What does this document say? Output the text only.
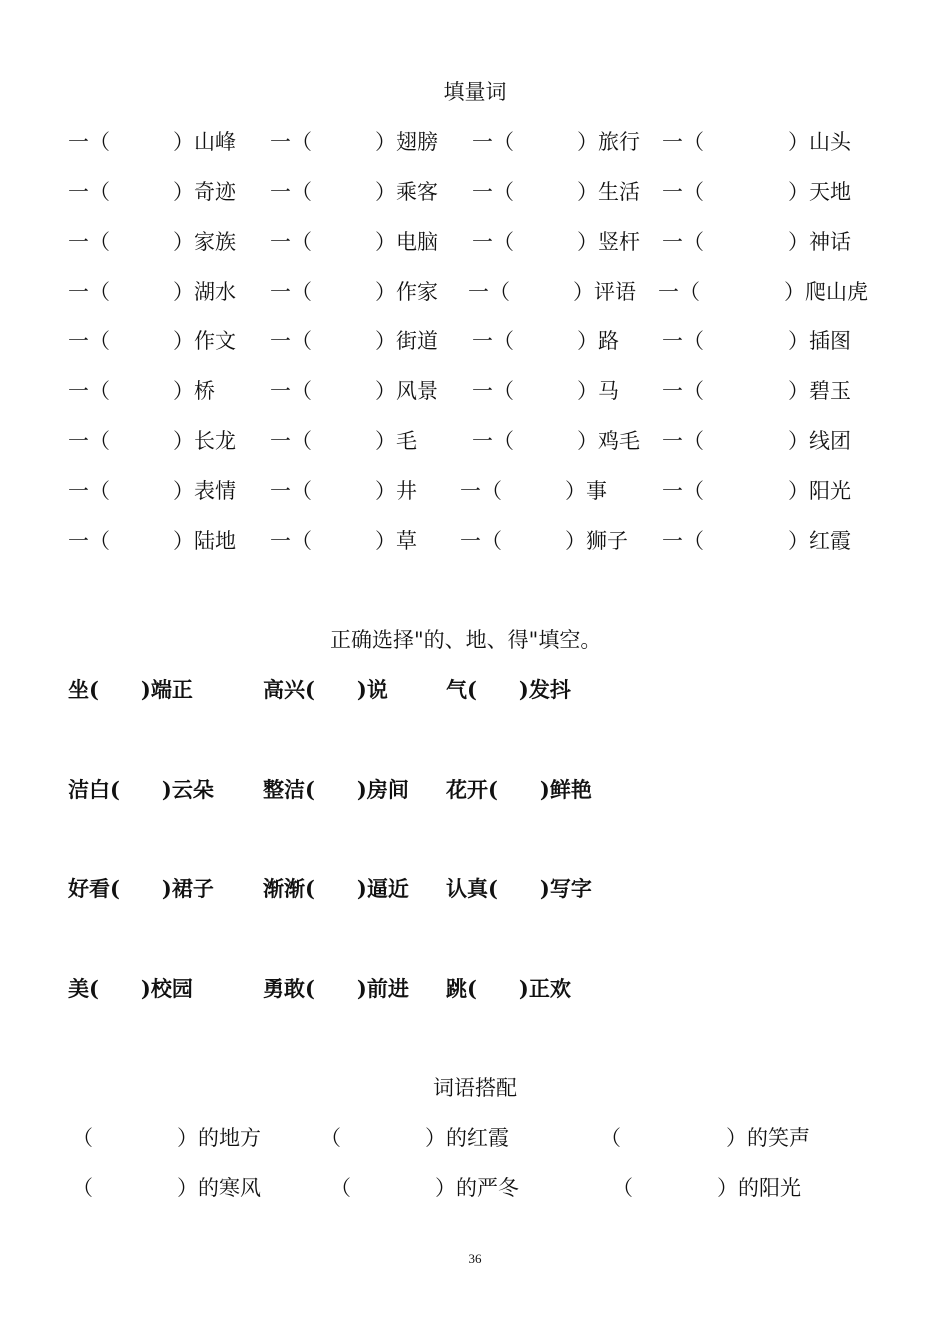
填量词
一（　　　）山峰 一（　　　）翅膀 一（　　　）旅行 一（　　　　）山头
一（　　　）奇迹 一（　　　）乘客 一（　　　）生活 一（　　　　）天地
一（　　　）家族 一（　　　）电脑 一（　　　）竖杆 一（　　　　）神话
一（　　　）湖水 一（　　　）作家 一（　　　）评语 一（　　　　）爬山虎
一（　　　）作文 一（　　　）街道 一（　　　）路 一（　　　　）插图
一（　　　）桥	一（　　　）风景 一（　　　）马 一（　　　　）碧玉
一（　　　）长龙 一（　　　）毛	一（　　　）鸡毛 一（　　　　）线团
一（　　　）表情 一（　　　）井 一（　　　）事	一（　　　　）阳光
一（　　　）陆地 一（　　　）草 一（　　　）狮子 一（　　　　）红霞
正确选择"的、地、得"填空。
坐(　　)端正	高兴(　　)说	气(　　)发抖
洁白(　　)云朵 整洁(　　)房间 花开(　　)鲜艳
好看(　　)裙子 渐渐(　　)逼近 认真(　　)写字
美(　　)校园	勇敢(　　)前进 跳(　　)正欢
词语搭配
（　　　　）的地方	（　　　　）的红霞	（　　　　　）的笑声
（　　　　）的寒风	（　　　　）的严冬	（　　　　）的阳光
36
